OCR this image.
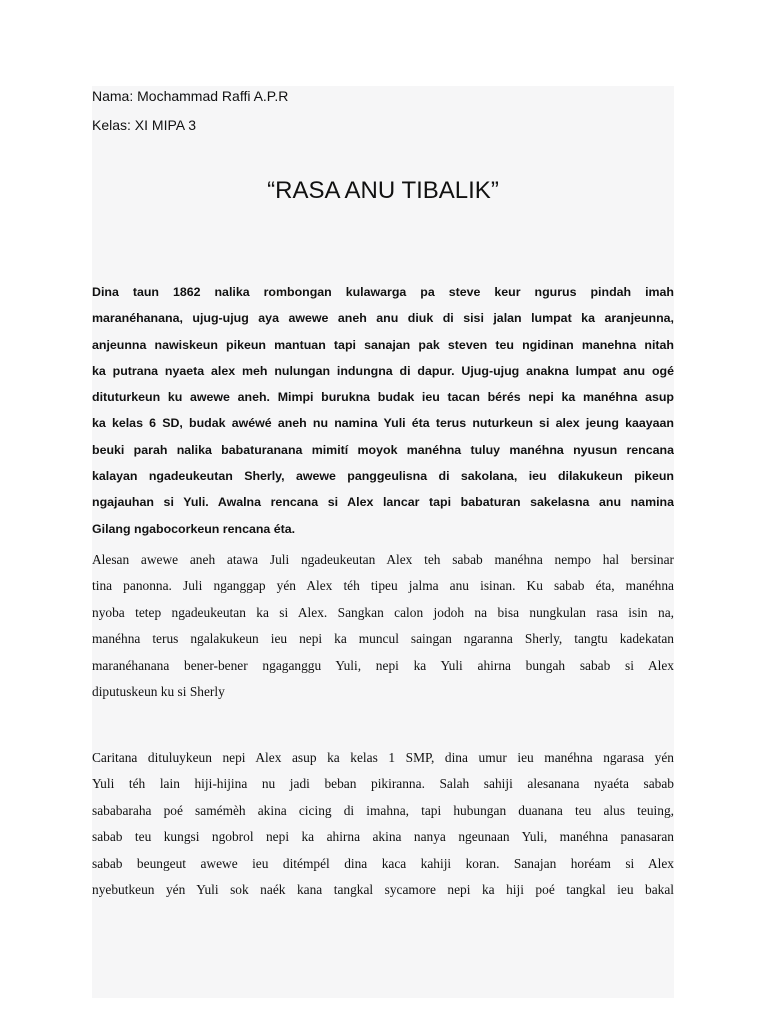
Nama: Mochammad Raffi A.P.R
Kelas: XI MIPA 3
“RASA ANU TIBALIK”
Dina taun 1862 nalika rombongan kulawarga pa steve keur ngurus pindah imah
maranéhanana, ujug-ujug aya awewe aneh anu diuk di sisi jalan lumpat ka aranjeunna,
anjeunna nawiskeun pikeun mantuan tapi sanajan pak steven teu ngidinan manehna nitah
ka putrana nyaeta alex meh nulungan indungna di dapur. Ujug-ujug anakna lumpat anu ogé
dituturkeun ku awewe aneh. Mimpi burukna budak ieu tacan bérés nepi ka manéhna asup
ka kelas 6 SD, budak awéwé aneh nu namina Yuli éta terus nuturkeun si alex jeung kaayaan
beuki parah nalika babaturanana mimití moyok manéhna tuluy manéhna nyusun rencana
kalayan ngadeukeutan Sherly, awewe panggeulisna di sakolana, ieu dilakukeun pikeun
ngajauhan si Yuli. Awalna rencana si Alex lancar tapi babaturan sakelasna anu namina
Gilang ngabocorkeun rencana éta.
Alesan awewe aneh atawa Juli ngadeukeutan Alex teh sabab manéhna nempo hal bersinar
tina panonna. Juli nganggap yén Alex téh tipeu jalma anu isinan. Ku sabab éta, manéhna
nyoba tetep ngadeukeutan ka si Alex. Sangkan calon jodoh na bisa nungkulan rasa isin na,
manéhna terus ngalakukeun ieu nepi ka muncul saingan ngaranna Sherly, tangtu kadekatan
maranéhanana bener-bener ngaganggu Yuli, nepi ka Yuli ahirna bungah sabab si Alex
diputuskeun ku si Sherly
Caritana dituluykeun nepi Alex asup ka kelas 1 SMP, dina umur ieu manéhna ngarasa yén
Yuli téh lain hiji-hijina nu jadi beban pikiranna. Salah sahiji alesanana nyaéta sabab
sababaraha poé samémèh akina cicing di imahna, tapi hubungan duanana teu alus teuing,
sabab teu kungsi ngobrol nepi ka ahirna akina nanya ngeunaan Yuli, manéhna panasaran
sabab beungeut awewe ieu ditémpél dina kaca kahiji koran. Sanajan horéam si Alex
nyebutkeun yén Yuli sok naék kana tangkal sycamore nepi ka hiji poé tangkal ieu bakal
